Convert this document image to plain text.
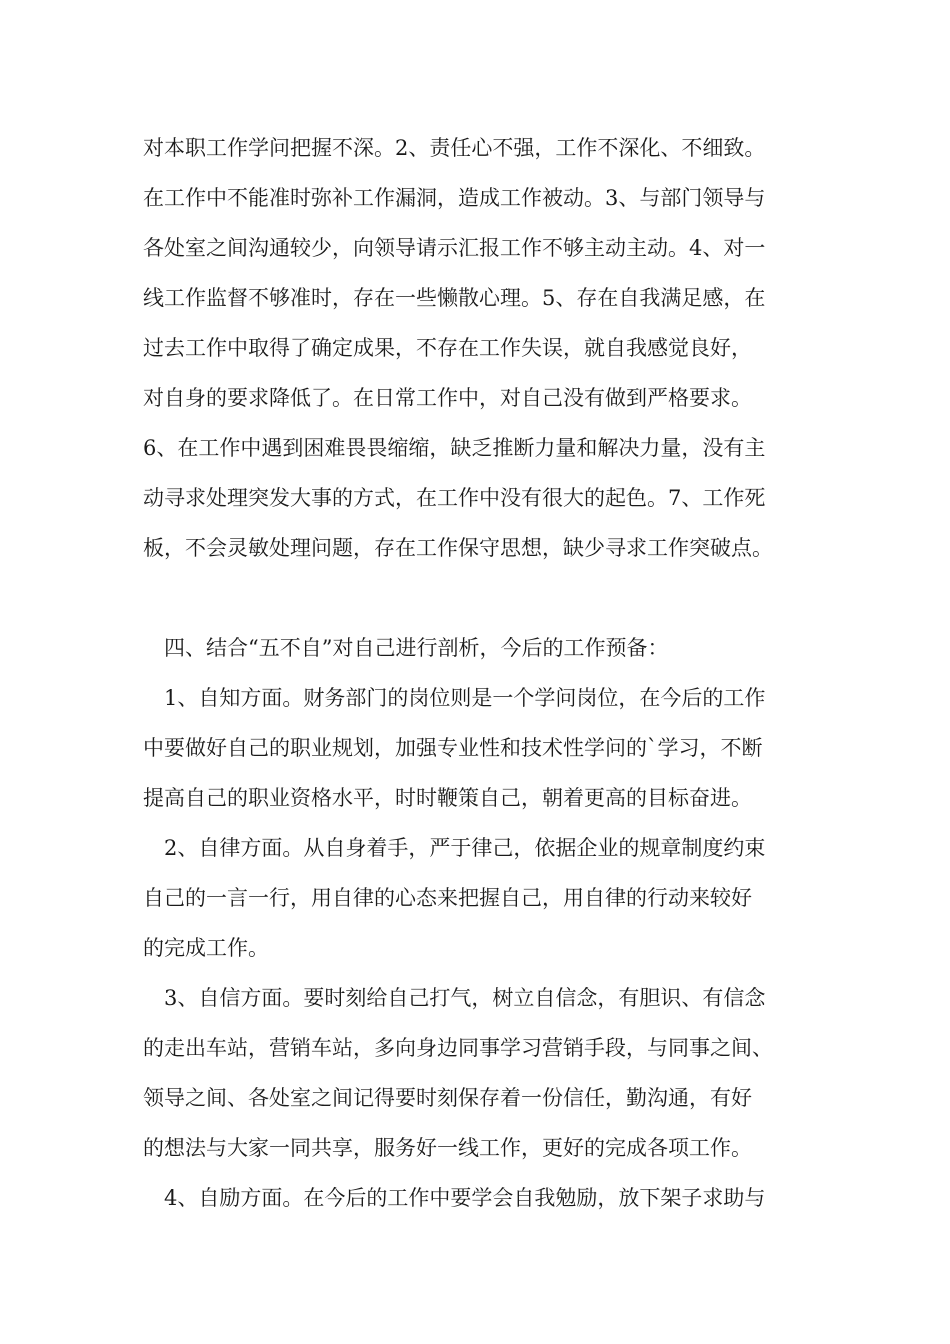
对本职工作学问把握不深。2、责任心不强，工作不深化、不细致。
在工作中不能准时弥补工作漏洞，造成工作被动。3、与部门领导与
各处室之间沟通较少，向领导请示汇报工作不够主动主动。4、对一
线工作监督不够准时，存在一些懒散心理。5、存在自我满足感，在
过去工作中取得了确定成果，不存在工作失误，就自我感觉良好，
对自身的要求降低了。在日常工作中，对自己没有做到严格要求。
6、在工作中遇到困难畏畏缩缩，缺乏推断力量和解决力量，没有主
动寻求处理突发大事的方式，在工作中没有很大的起色。7、工作死
板，不会灵敏处理问题，存在工作保守思想，缺少寻求工作突破点。
四、结合“五不自”对自己进行剖析，今后的工作预备：
1、自知方面。财务部门的岗位则是一个学问岗位，在今后的工作
中要做好自己的职业规划，加强专业性和技术性学问的`学习，不断
提高自己的职业资格水平，时时鞭策自己，朝着更高的目标奋进。
2、自律方面。从自身着手，严于律己，依据企业的规章制度约束
自己的一言一行，用自律的心态来把握自己，用自律的行动来较好
的完成工作。
3、自信方面。要时刻给自己打气，树立自信念，有胆识、有信念
的走出车站，营销车站，多向身边同事学习营销手段，与同事之间、
领导之间、各处室之间记得要时刻保存着一份信任，勤沟通，有好
的想法与大家一同共享，服务好一线工作，更好的完成各项工作。
4、自励方面。在今后的工作中要学会自我勉励，放下架子求助与
